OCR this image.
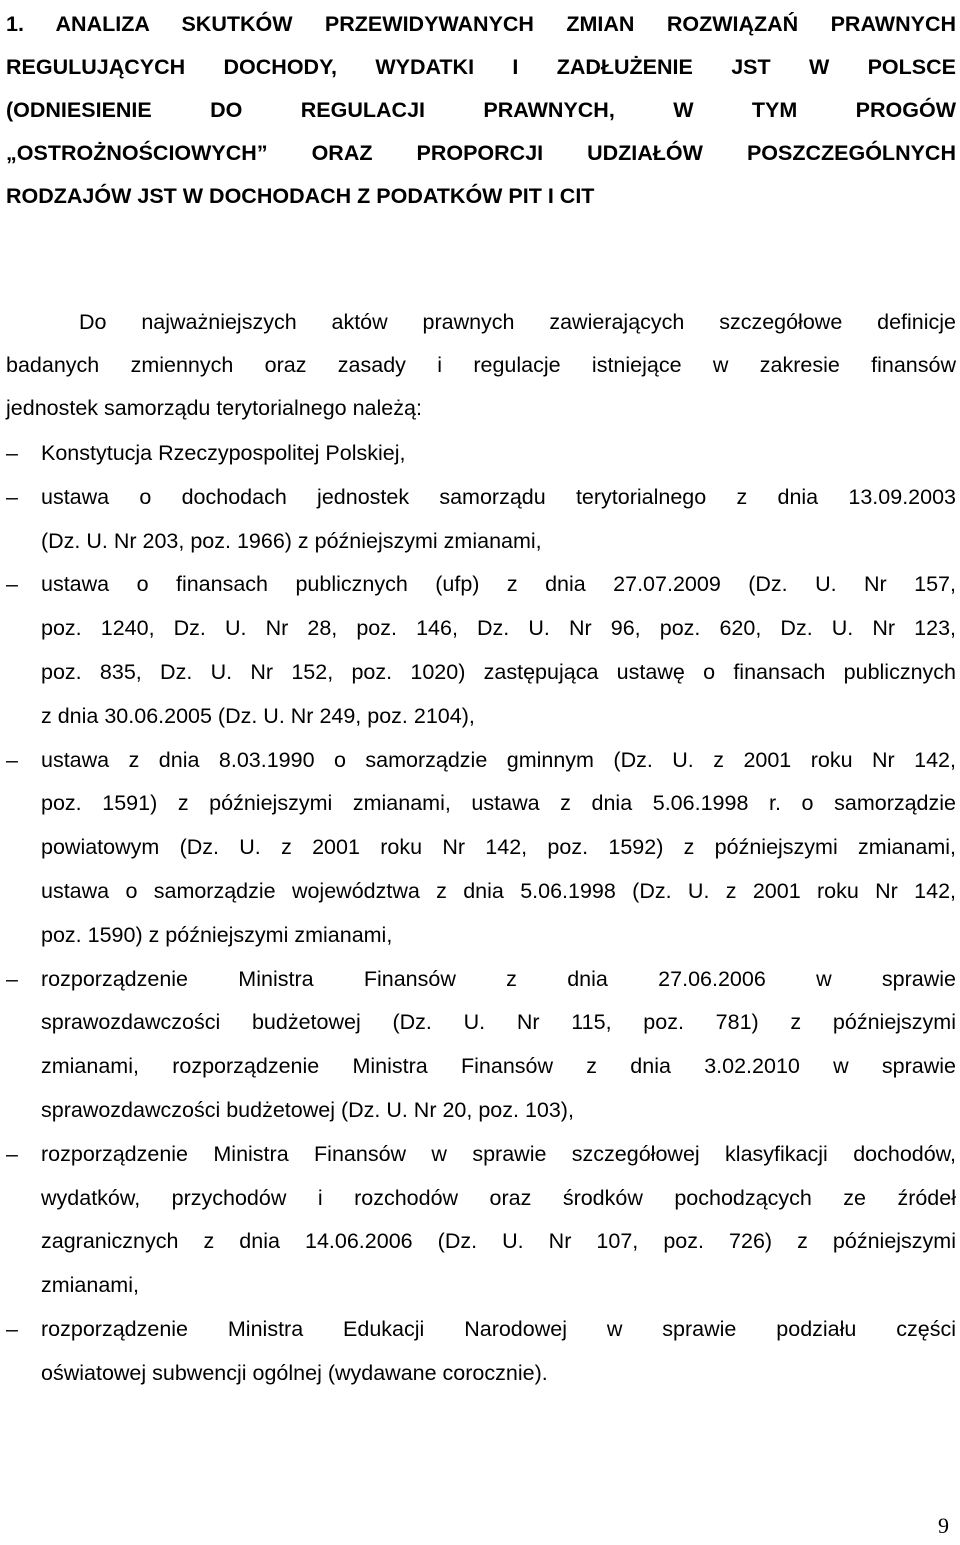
1. ANALIZA SKUTKÓW PRZEWIDYWANYCH ZMIAN ROZWIĄZAŃ PRAWNYCH
REGULUJĄCYCH DOCHODY, WYDATKI I ZADŁUŻENIE JST W POLSCE
(ODNIESIENIE DO REGULACJI PRAWNYCH, W TYM PROGÓW
„OSTROŻNOŚCIOWYCH” ORAZ PROPORCJI UDZIAŁÓW POSZCZEGÓLNYCH
RODZAJÓW JST W DOCHODACH Z PODATKÓW PIT I CIT
Do najważniejszych aktów prawnych zawierających szczegółowe definicje
badanych zmiennych oraz zasady i regulacje istniejące w zakresie finansów
jednostek samorządu terytorialnego należą:
–	Konstytucja Rzeczypospolitej Polskiej,
–	ustawa o dochodach jednostek samorządu terytorialnego z dnia 13.09.2003
(Dz. U. Nr 203, poz. 1966) z późniejszymi zmianami,
–	ustawa o finansach publicznych (ufp) z dnia 27.07.2009 (Dz. U. Nr 157,
poz. 1240, Dz. U. Nr 28, poz. 146, Dz. U. Nr 96, poz. 620, Dz. U. Nr 123,
poz. 835, Dz. U. Nr 152, poz. 1020) zastępująca ustawę o finansach publicznych
z dnia 30.06.2005 (Dz. U. Nr 249, poz. 2104),
–	ustawa z dnia 8.03.1990 o samorządzie gminnym (Dz. U. z 2001 roku Nr 142,
poz. 1591) z późniejszymi zmianami, ustawa z dnia 5.06.1998 r. o samorządzie
powiatowym (Dz. U. z 2001 roku Nr 142, poz. 1592) z późniejszymi zmianami,
ustawa o samorządzie województwa z dnia 5.06.1998 (Dz. U. z 2001 roku Nr 142,
poz. 1590) z późniejszymi zmianami,
–	rozporządzenie Ministra Finansów z dnia 27.06.2006 w sprawie
sprawozdawczości budżetowej (Dz. U. Nr 115, poz. 781) z późniejszymi
zmianami, rozporządzenie Ministra Finansów z dnia 3.02.2010 w sprawie
sprawozdawczości budżetowej (Dz. U. Nr 20, poz. 103),
–	rozporządzenie Ministra Finansów w sprawie szczegółowej klasyfikacji dochodów,
wydatków, przychodów i rozchodów oraz środków pochodzących ze źródeł
zagranicznych z dnia 14.06.2006 (Dz. U. Nr 107, poz. 726) z późniejszymi
zmianami,
–	rozporządzenie Ministra Edukacji Narodowej w sprawie podziału części
oświatowej subwencji ogólnej (wydawane corocznie).
9
